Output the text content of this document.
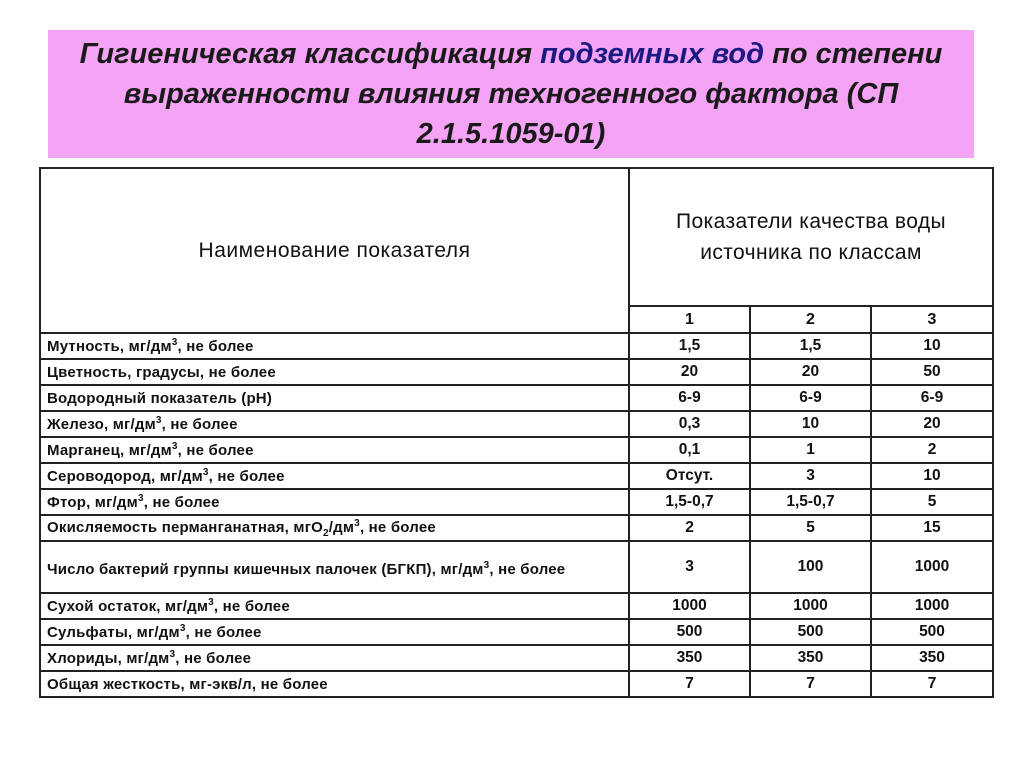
Гигиеническая классификация подземных вод по степени выраженности влияния техногенного фактора (СП 2.1.5.1059-01)

Наименование показателя	Показатели качества воды источника по классам		
	1	2	3
Мутность, $мг/дм^3$, не более	1,5	1,5	10
Цветность, градусы, не более	20	20	50
Водородный показатель (pH)	6-9	6-9	6-9
Железо, $мг/дм^3$, не более	0,3	10	20
Марганец, $мг/дм^3$, не более	0,1	1	2
Сероводород, $мг/дм^3$, не более	Отсут.	3	10
Фтор, $мг/дм^3$, не более	1,5-0,7	1,5-0,7	5
Окисляемость перманганатная, $мгО_2/дм^3$, не более	2	5	15
Число бактерий группы кишечных палочек (БГКП), $мг/дм^3$, не более	3	100	1000
Сухой остаток, $мг/дм^3$, не более	1000	1000	1000
Сульфаты, $мг/дм^3$, не более	500	500	500
Хлориды, $мг/дм^3$, не более	350	350	350
Общая жесткость, мг-экв/л, не более	7	7	7
